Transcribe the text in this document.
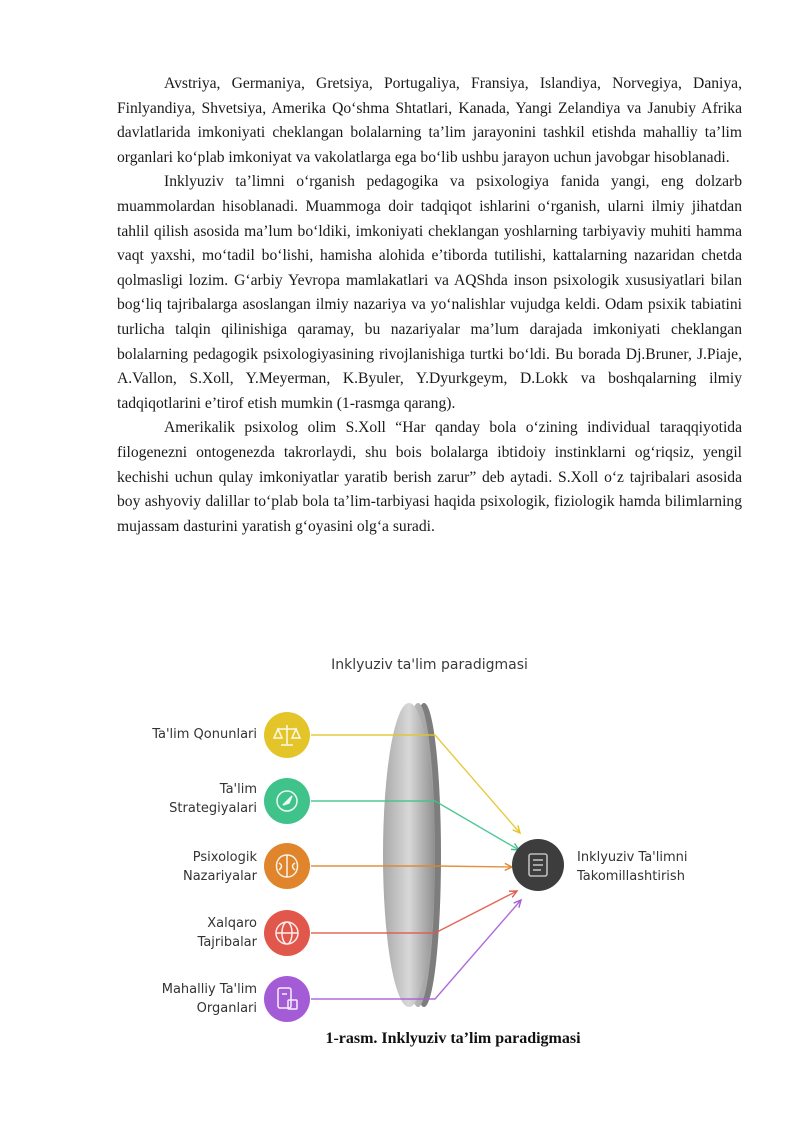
Avstriya, Germaniya, Gretsiya, Portugaliya, Fransiya, Islandiya, Norvegiya, Daniya, Finlyandiya, Shvetsiya, Amerika Qo‘shma Shtatlari, Kanada, Yangi Zelandiya va Janubiy Afrika davlatlarida imkoniyati cheklangan bolalarning ta’lim jarayonini tashkil etishda mahalliy ta’lim organlari ko‘plab imkoniyat va vakolatlarga ega bo‘lib ushbu jarayon uchun javobgar hisoblanadi.

Inklyuziv ta’limni o‘rganish pedagogika va psixologiya fanida yangi, eng dolzarb muammolardan hisoblanadi. Muammoga doir tadqiqot ishlarini o‘rganish, ularni ilmiy jihatdan tahlil qilish asosida ma’lum bo‘ldiki, imkoniyati cheklangan yoshlarning tarbiyaviy muhiti hamma vaqt yaxshi, mo‘tadil bo‘lishi, hamisha alohida e’tiborda tutilishi, kattalarning nazaridan chetda qolmasligi lozim. G‘arbiy Yevropa mamlakatlari va AQShda inson psixologik xususiyatlari bilan bog‘liq tajribalarga asoslangan ilmiy nazariya va yo‘nalishlar vujudga keldi. Odam psixik tabiatini turlicha talqin qilinishiga qaramay, bu nazariyalar ma’lum darajada imkoniyati cheklangan bolalarning pedagogik psixologiyasining rivojlanishiga turtki bo‘ldi. Bu borada Dj.Bruner, J.Piaje, A.Vallon, S.Xoll, Y.Meyerman, K.Byuler, Y.Dyurkgeym, D.Lokk va boshqalarning ilmiy tadqiqotlarini e’tirof etish mumkin (1-rasmga qarang).

Amerikalik psixolog olim S.Xoll “Har qanday bola o‘zining individual taraqqiyotida filogenezni ontogenezda takrorlaydi, shu bois bolalarga ibtidoiy instinklarni og‘riqsiz, yengil kechishi uchun qulay imkoniyatlar yaratib berish zarur” deb aytadi. S.Xoll o‘z tajribalari asosida boy ashyoviy dalillar to‘plab bola ta’lim-tarbiyasi haqida psixologik, fiziologik hamda bilimlarning mujassam dasturini yaratish g‘oyasini olg‘a suradi.

Inklyuziv ta'lim paradigmasi
Ta'lim Qonunlari
Ta'lim
Strategiyalari
Psixologik
Nazariyalar
Xalqaro
Tajribalar
Mahalliy Ta'lim
Organlari
Inklyuziv Ta'limni
Takomillashtirish
1-rasm. Inklyuziv ta’lim paradigmasi
